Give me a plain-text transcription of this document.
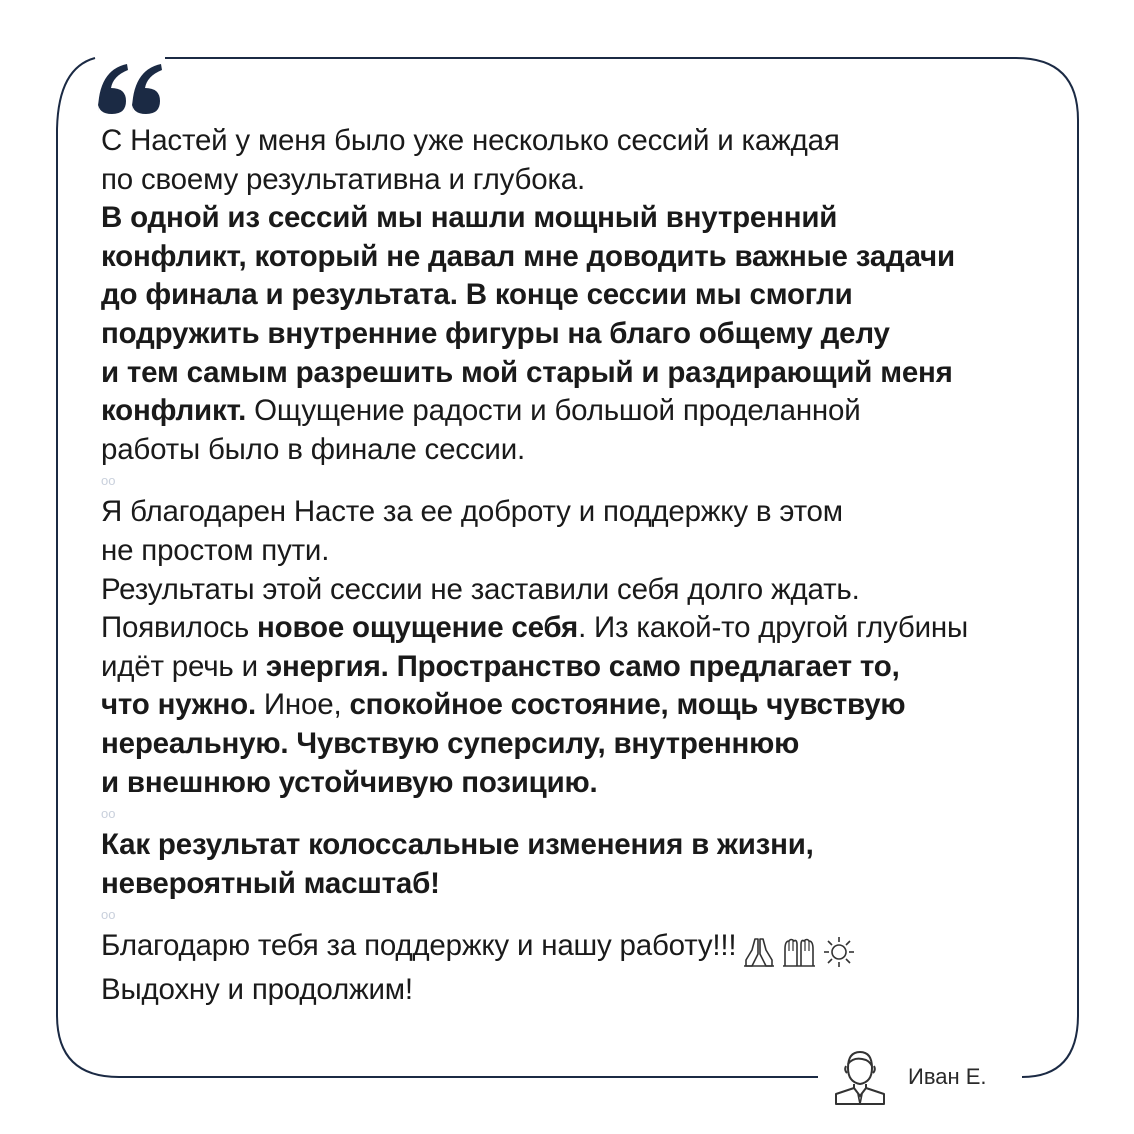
С Настей у меня было уже несколько сессий и каждая

по своему результативна и глубока.

В одной из сессий мы нашли мощный внутренний

конфликт, который не давал мне доводить важные задачи

до финала и результата. В конце сессии мы смогли

подружить внутренние фигуры на благо общему делу

и тем самым разрешить мой старый и раздирающий меня

конфликт. Ощущение радости и большой проделанной

работы было в финале сессии.

oo

Я благодарен Насте за ее доброту и поддержку в этом

не простом пути.

Результаты этой сессии не заставили себя долго ждать.

Появилось новое ощущение себя. Из какой-то другой глубины

идёт речь и энергия. Пространство само предлагает то,

что нужно. Иное, спокойное состояние, мощь чувствую

нереальную. Чувствую суперсилу, внутреннюю

и внешнюю устойчивую позицию.

oo

Как результат колоссальные изменения в жизни,

невероятный масштаб!

oo

Благодарю тебя за поддержку и нашу работу!!!

Выдохну и продолжим!

Иван Е.
